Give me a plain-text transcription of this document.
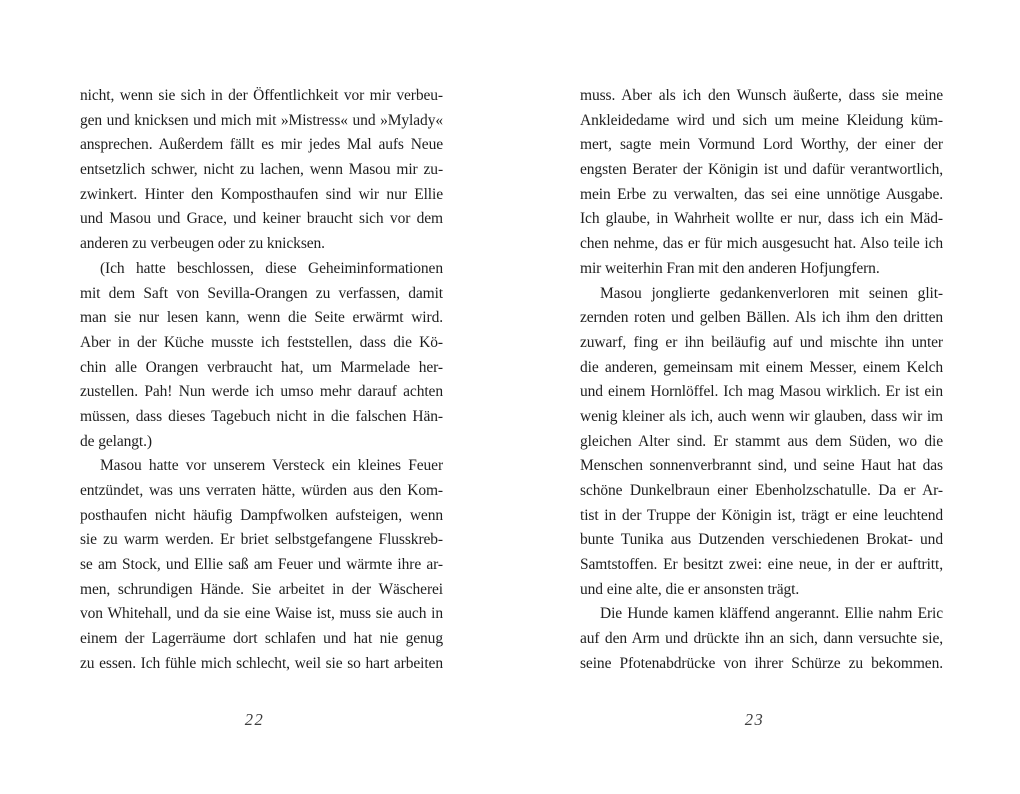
nicht, wenn sie sich in der Öffentlichkeit vor mir verbeu-
gen und knicksen und mich mit »Mistress« und »Mylady«
ansprechen. Außerdem fällt es mir jedes Mal aufs Neue
entsetzlich schwer, nicht zu lachen, wenn Masou mir zu-
zwinkert. Hinter den Komposthaufen sind wir nur Ellie
und Masou und Grace, und keiner braucht sich vor dem
anderen zu verbeugen oder zu knicksen.
(Ich hatte beschlossen, diese Geheiminformationen
mit dem Saft von Sevilla-Orangen zu verfassen, damit
man sie nur lesen kann, wenn die Seite erwärmt wird.
Aber in der Küche musste ich feststellen, dass die Kö-
chin alle Orangen verbraucht hat, um Marmelade her-
zustellen. Pah! Nun werde ich umso mehr darauf achten
müssen, dass dieses Tagebuch nicht in die falschen Hän-
de gelangt.)
Masou hatte vor unserem Versteck ein kleines Feuer
entzündet, was uns verraten hätte, würden aus den Kom-
posthaufen nicht häufig Dampfwolken aufsteigen, wenn
sie zu warm werden. Er briet selbstgefangene Flusskreb-
se am Stock, und Ellie saß am Feuer und wärmte ihre ar-
men, schrundigen Hände. Sie arbeitet in der Wäscherei
von Whitehall, und da sie eine Waise ist, muss sie auch in
einem der Lagerräume dort schlafen und hat nie genug
zu essen. Ich fühle mich schlecht, weil sie so hart arbeiten
muss. Aber als ich den Wunsch äußerte, dass sie meine
Ankleidedame wird und sich um meine Kleidung küm-
mert, sagte mein Vormund Lord Worthy, der einer der
engsten Berater der Königin ist und dafür verantwortlich,
mein Erbe zu verwalten, das sei eine unnötige Ausgabe.
Ich glaube, in Wahrheit wollte er nur, dass ich ein Mäd-
chen nehme, das er für mich ausgesucht hat. Also teile ich
mir weiterhin Fran mit den anderen Hofjungfern.
Masou jonglierte gedankenverloren mit seinen glit-
zernden roten und gelben Bällen. Als ich ihm den dritten
zuwarf, fing er ihn beiläufig auf und mischte ihn unter
die anderen, gemeinsam mit einem Messer, einem Kelch
und einem Hornlöffel. Ich mag Masou wirklich. Er ist ein
wenig kleiner als ich, auch wenn wir glauben, dass wir im
gleichen Alter sind. Er stammt aus dem Süden, wo die
Menschen sonnenverbrannt sind, und seine Haut hat das
schöne Dunkelbraun einer Ebenholzschatulle. Da er Ar-
tist in der Truppe der Königin ist, trägt er eine leuchtend
bunte Tunika aus Dutzenden verschiedenen Brokat- und
Samtstoffen. Er besitzt zwei: eine neue, in der er auftritt,
und eine alte, die er ansonsten trägt.
Die Hunde kamen kläffend angerannt. Ellie nahm Eric
auf den Arm und drückte ihn an sich, dann versuchte sie,
seine Pfotenabdrücke von ihrer Schürze zu bekommen.
22	23
